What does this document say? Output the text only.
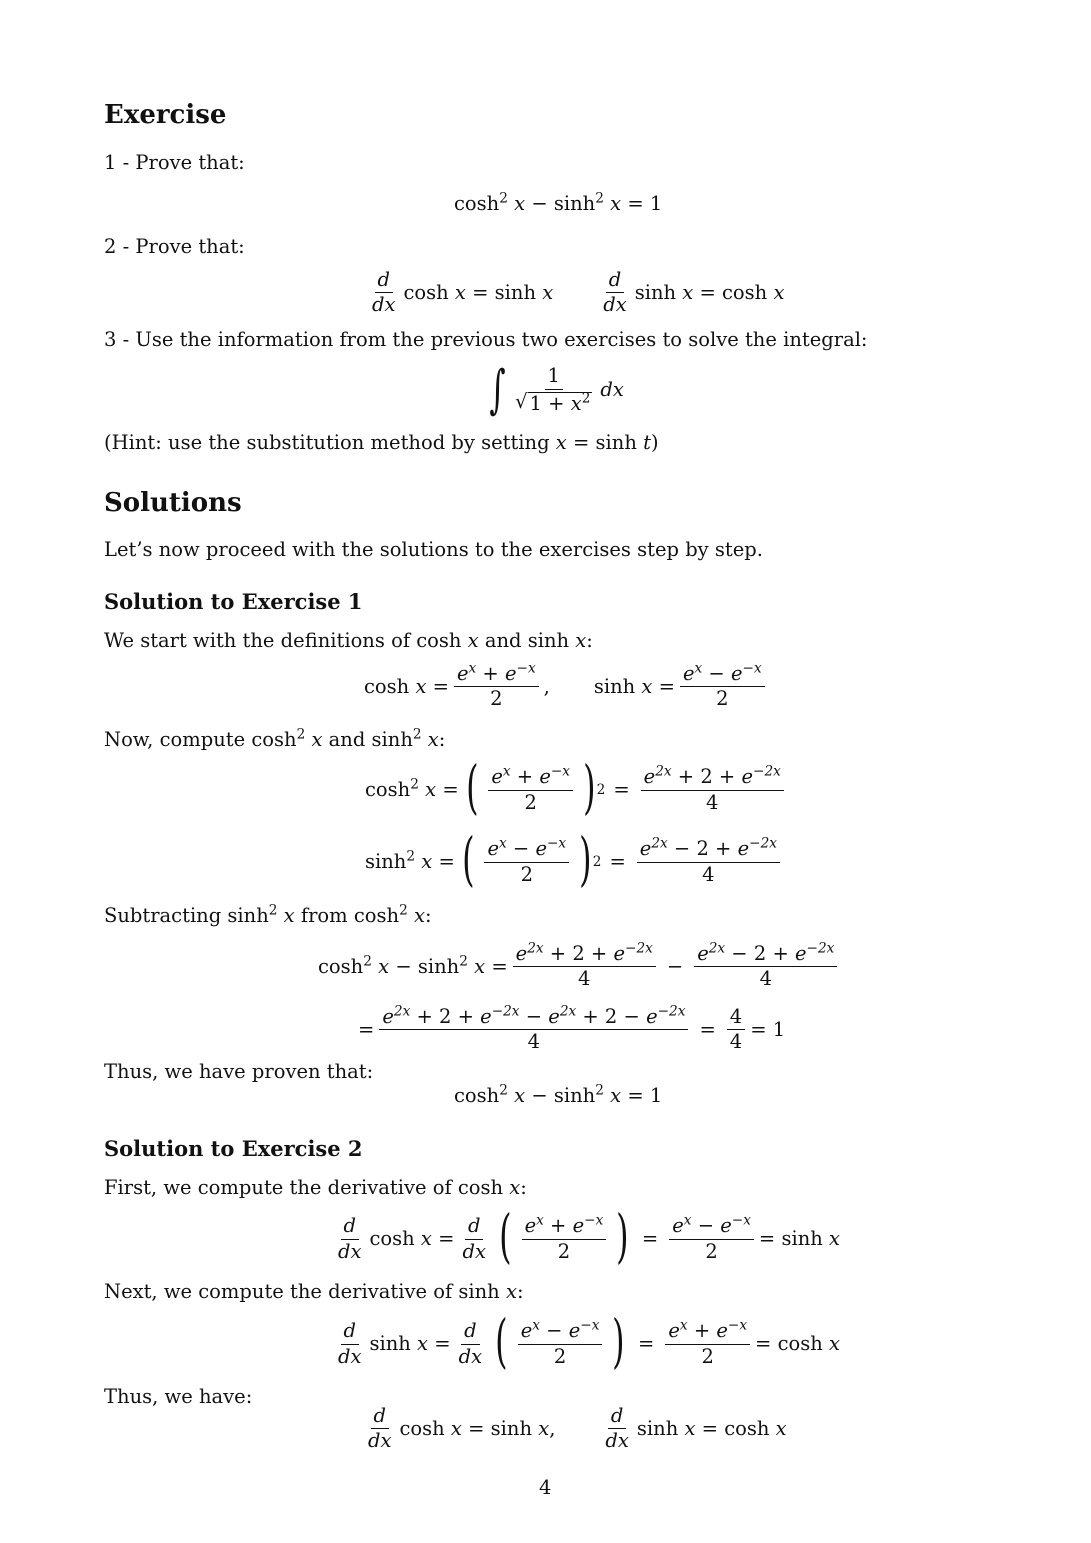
Exercise
Solutions
Solution to Exercise 1
Solution to Exercise 2
1 - Prove that:
$\cosh^2 x - \sinh^2 x = 1$
2 - Prove that:
$\frac{d}{dx}$ cosh x = sinh x $\frac{d}{dx}$ sinh x = cosh x
3 - Use the information from the previous two exercises to solve the integral:
∫ $\frac{1}{√ 1 + x^2}$ dx
(Hint: use the substitution method by setting x = sinh t)
Let’s now proceed with the solutions to the exercises step by step.
We start with the definitions of cosh x and sinh x:
$\cosh x = \frac{e^x + e^{-x}}{2}$ , $\sinh x = \frac{e^x - e^{-x}}{2}$
Now, compute $\cosh^2 x$ and $\sinh^2 x$:
$\cosh^2 x$ = ( $\frac{e^x + e^{-x}}{2}$ ) $2 = \frac{e^{2x} + 2 + e^{-2x}}{4}$
$\sinh^2 x$ = ( $\frac{e^x - e^{-x}}{2}$ ) $2 = \frac{e^{2x} - 2 + e^{-2x}}{4}$
Subtracting $\sinh^2 x$ from $\cosh^2 x$:
$\cosh^2 x - \sinh^2 x = \frac{e^{2x} + 2 + e^{-2x}}{4} - \frac{e^{2x} - 2 + e^{-2x}}{4}$
= $\frac{e^{2x} + 2 + e^{-2x} - e^{2x} + 2 - e^{-2x}}{4} = \frac{4}{4} = 1$
Thus, we have proven that:
$\cosh^2 x - \sinh^2 x = 1$
First, we compute the derivative of cosh x:
$\frac{d}{dx}$ $\cosh x = \frac{d}{dx}$ ( $\frac{e^x + e^{-x}}{2}$ ) = $\frac{e^x - e^{-x}}{2} = \sinh x$
Next, we compute the derivative of sinh x:
$\frac{d}{dx}$ $\sinh x = \frac{d}{dx}$ ( $\frac{e^x - e^{-x}}{2}$ ) = $\frac{e^x + e^{-x}}{2} = \cosh x$
Thus, we have:
$\frac{d}{dx}$ cosh x = sinh x, $\frac{d}{dx}$ sinh x = cosh x
4
